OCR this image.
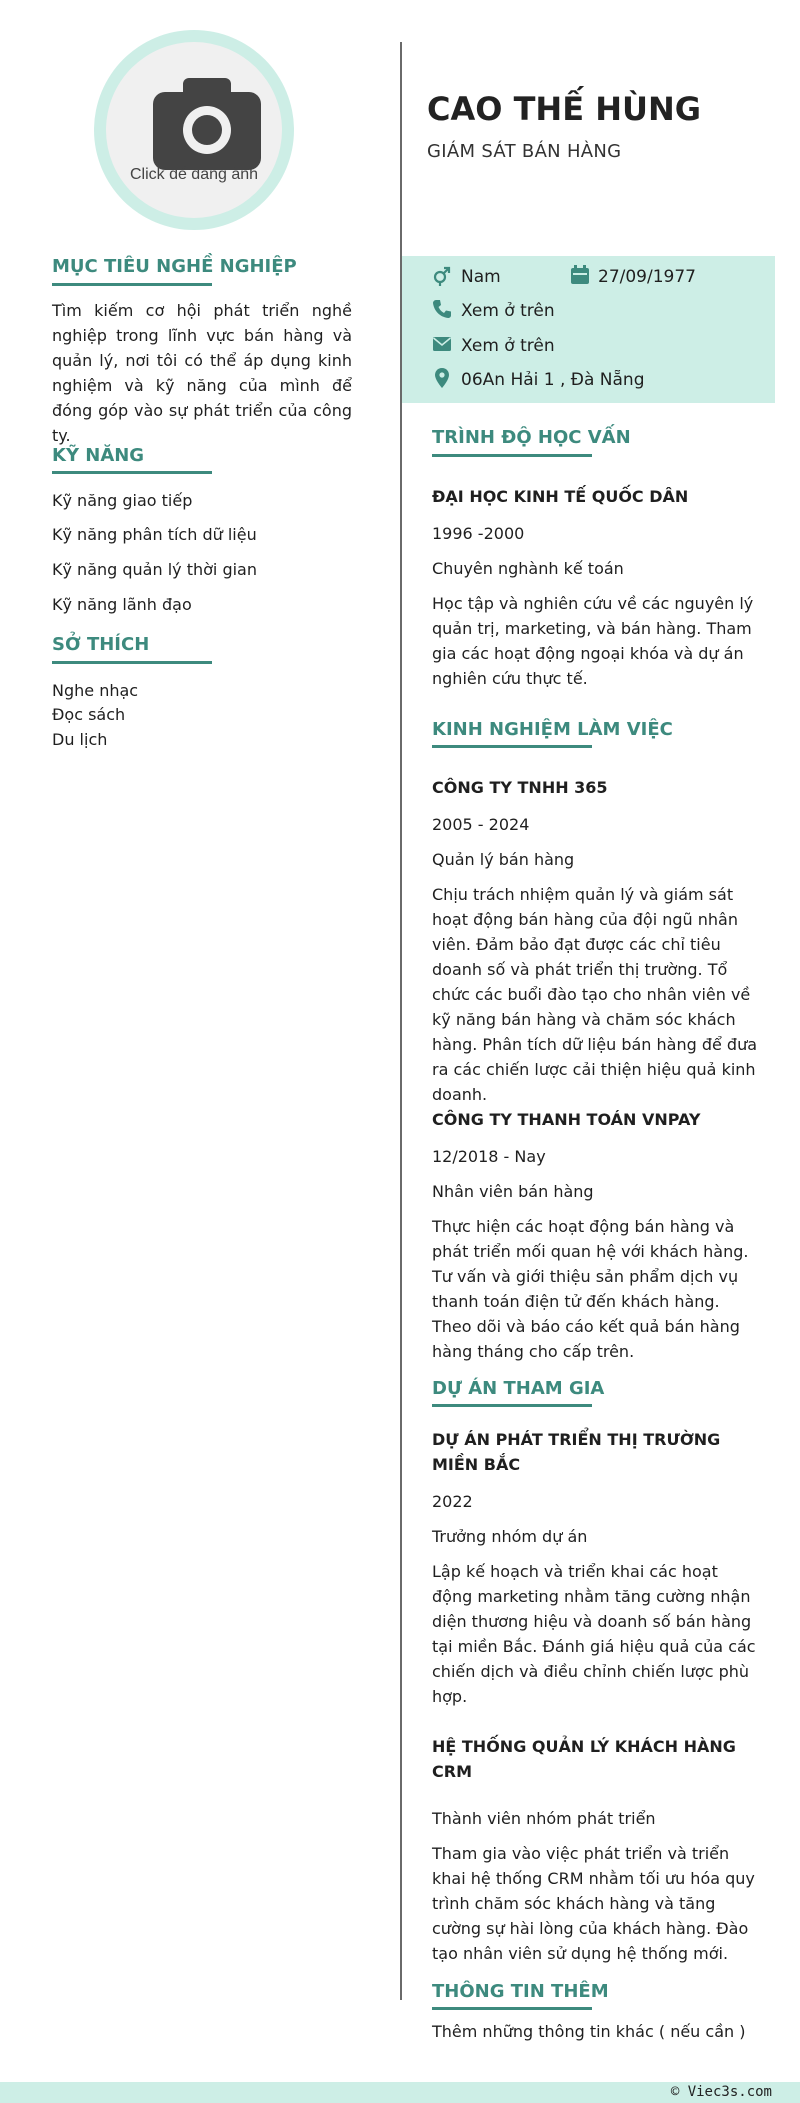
Click để đăng ảnh
MỤC TIÊU NGHỀ NGHIỆP
Tìm kiếm cơ hội phát triển nghề nghiệp trong lĩnh vực bán hàng và quản lý, nơi tôi có thể áp dụng kinh nghiệm và kỹ năng của mình để đóng góp vào sự phát triển của công ty.
KỸ NĂNG
Kỹ năng giao tiếp
Kỹ năng phân tích dữ liệu
Kỹ năng quản lý thời gian
Kỹ năng lãnh đạo
SỞ THÍCH
Nghe nhạc
Đọc sách
Du lịch
CAO THẾ HÙNG
GIÁM SÁT BÁN HÀNG
Nam	27/09/1977
Xem ở trên
Xem ở trên
06An Hải 1 , Đà Nẵng
TRÌNH ĐỘ HỌC VẤN
ĐẠI HỌC KINH TẾ QUỐC DÂN
1996 -2000
Chuyên nghành kế toán
Học tập và nghiên cứu về các nguyên lý quản trị, marketing, và bán hàng. Tham gia các hoạt động ngoại khóa và dự án nghiên cứu thực tế.
KINH NGHIỆM LÀM VIỆC
CÔNG TY TNHH 365
2005 - 2024
Quản lý bán hàng
Chịu trách nhiệm quản lý và giám sát hoạt động bán hàng của đội ngũ nhân viên. Đảm bảo đạt được các chỉ tiêu doanh số và phát triển thị trường. Tổ chức các buổi đào tạo cho nhân viên về kỹ năng bán hàng và chăm sóc khách hàng. Phân tích dữ liệu bán hàng để đưa ra các chiến lược cải thiện hiệu quả kinh doanh.
CÔNG TY THANH TOÁN VNPAY
12/2018 - Nay
Nhân viên bán hàng
Thực hiện các hoạt động bán hàng và phát triển mối quan hệ với khách hàng. Tư vấn và giới thiệu sản phẩm dịch vụ thanh toán điện tử đến khách hàng. Theo dõi và báo cáo kết quả bán hàng hàng tháng cho cấp trên.
DỰ ÁN THAM GIA
DỰ ÁN PHÁT TRIỂN THỊ TRƯỜNG MIỀN BẮC
2022
Trưởng nhóm dự án
Lập kế hoạch và triển khai các hoạt động marketing nhằm tăng cường nhận diện thương hiệu và doanh số bán hàng tại miền Bắc. Đánh giá hiệu quả của các chiến dịch và điều chỉnh chiến lược phù hợp.
HỆ THỐNG QUẢN LÝ KHÁCH HÀNG CRM
Thành viên nhóm phát triển
Tham gia vào việc phát triển và triển khai hệ thống CRM nhằm tối ưu hóa quy trình chăm sóc khách hàng và tăng cường sự hài lòng của khách hàng. Đào tạo nhân viên sử dụng hệ thống mới.
THÔNG TIN THÊM
Thêm những thông tin khác ( nếu cần )
© Viec3s.com
